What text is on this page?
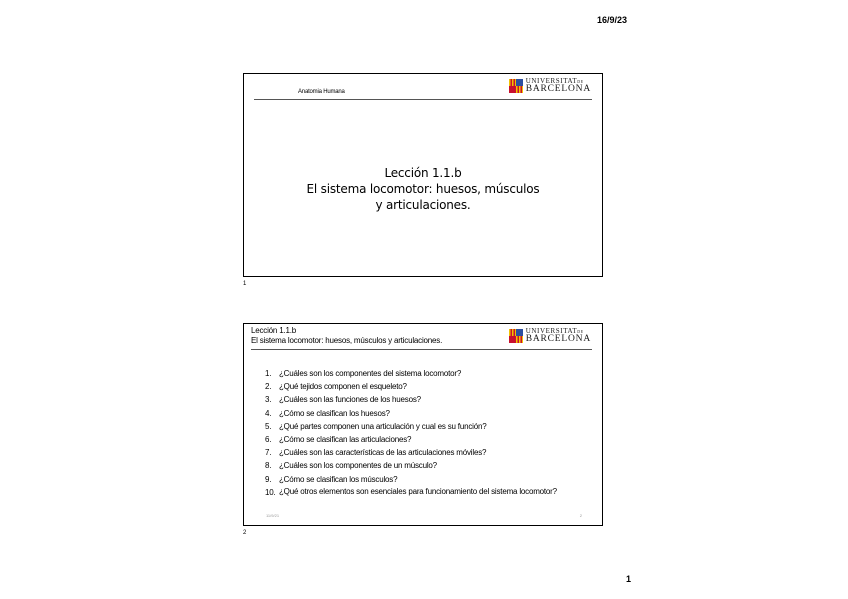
16/9/23
Anatomia Humana
UNIVERSITATDE
BARCELONA
Lección 1.1.b
El sistema locomotor: huesos, músculos
y articulaciones.
1
Lección 1.1.b
El sistema locomotor: huesos, músculos y articulaciones.
UNIVERSITATDE
BARCELONA
1. ¿Cuáles son los componentes del sistema locomotor?
2. ¿Qué tejidos componen el esqueleto?
3. ¿Cuáles son las funciones de los huesos?
4. ¿Cómo se clasifican los huesos?
5. ¿Qué partes componen una articulación y cual es su función?
6. ¿Cómo se clasifican las articulaciones?
7. ¿Cuáles son las características de las articulaciones móviles?
8. ¿Cuáles son los componentes de un músculo?
9. ¿Cómo se clasifican los músculos?
10. ¿Qué otros elementos son esenciales para funcionamiento del sistema locomotor?
11/9/21	2
2
1
